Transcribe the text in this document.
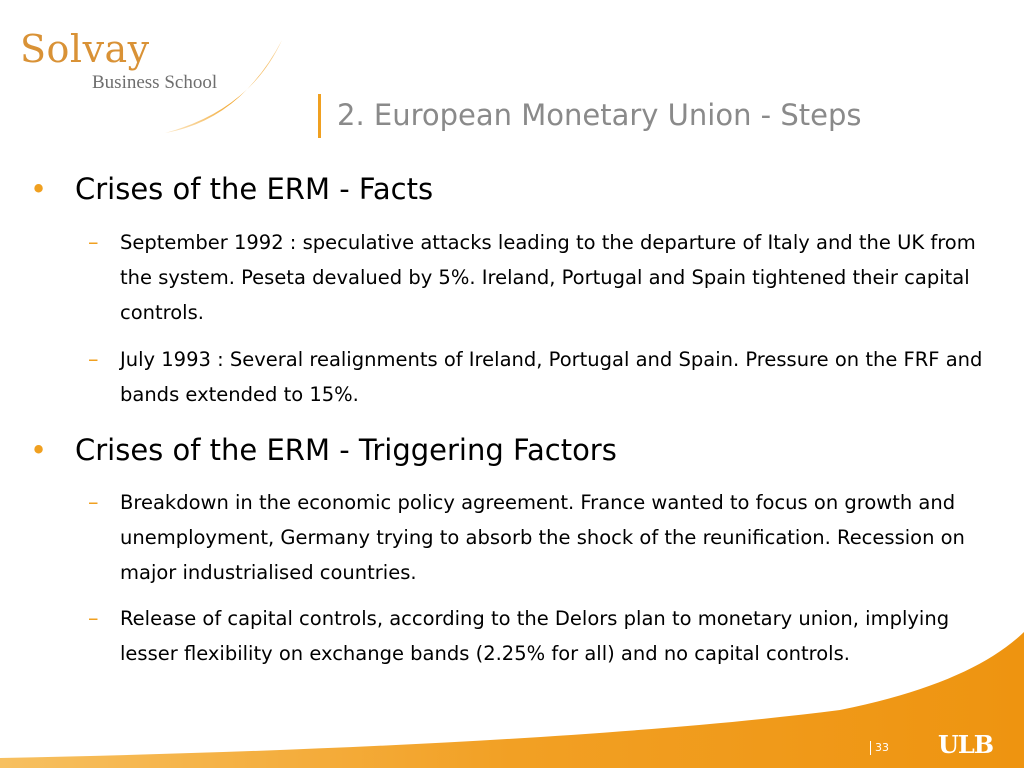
Solvay
Business School
2. European Monetary Union - Steps
• Crises of the ERM - Facts
– September 1992 : speculative attacks leading to the departure of Italy and the UK from the system. Peseta devalued by 5%. Ireland, Portugal and Spain tightened their capital controls.
– July 1993 : Several realignments of Ireland, Portugal and Spain. Pressure on the FRF and bands extended to 15%.
• Crises of the ERM - Triggering Factors
– Breakdown in the economic policy agreement. France wanted to focus on growth and unemployment, Germany trying to absorb the shock of the reunification. Recession on major industrialised countries.
– Release of capital controls, according to the Delors plan to monetary union, implying lesser flexibility on exchange bands (2.25% for all) and no capital controls.
33 ULB
